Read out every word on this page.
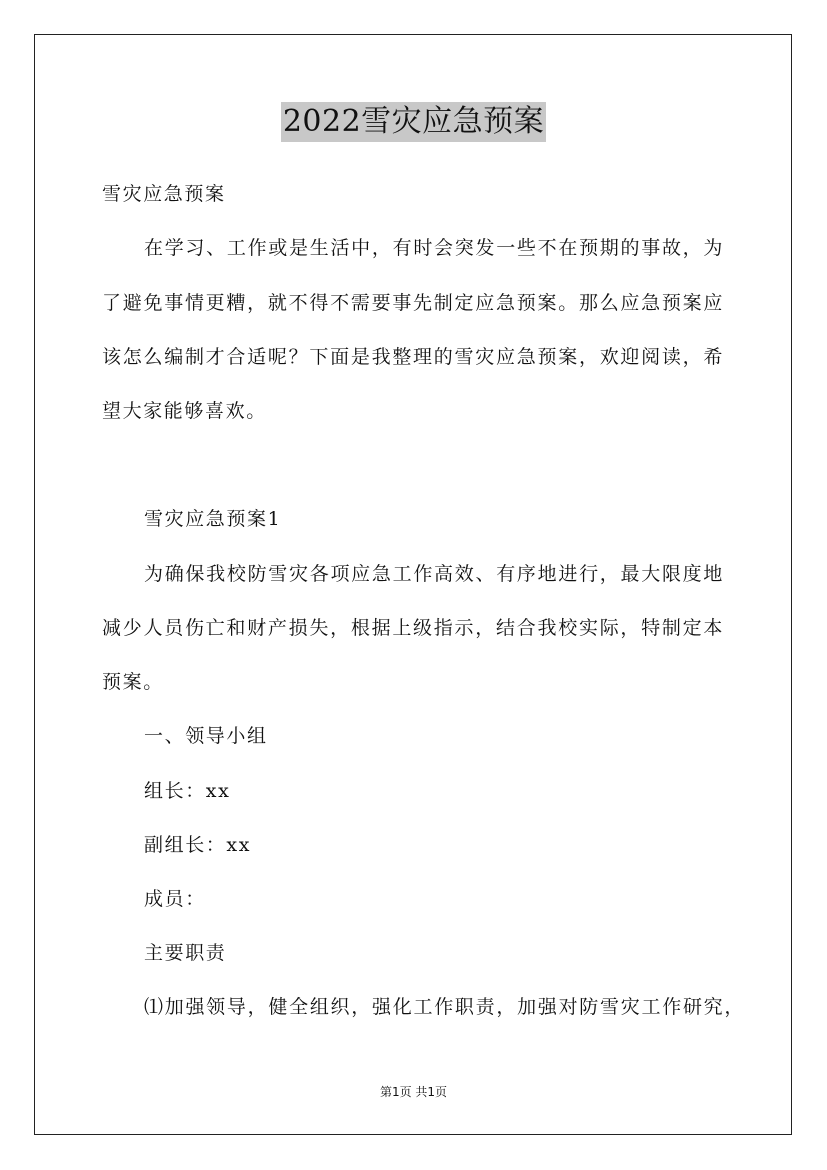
2022雪灾应急预案
雪灾应急预案
在学习、工作或是生活中，有时会突发一些不在预期的事故，为
了避免事情更糟，就不得不需要事先制定应急预案。那么应急预案应
该怎么编制才合适呢？下面是我整理的雪灾应急预案，欢迎阅读，希
望大家能够喜欢。
雪灾应急预案1
为确保我校防雪灾各项应急工作高效、有序地进行，最大限度地
减少人员伤亡和财产损失，根据上级指示，结合我校实际，特制定本
预案。
一、领导小组
组长：xx
副组长：xx
成员：
主要职责
⑴加强领导，健全组织，强化工作职责，加强对防雪灾工作研究，
第1页 共1页
